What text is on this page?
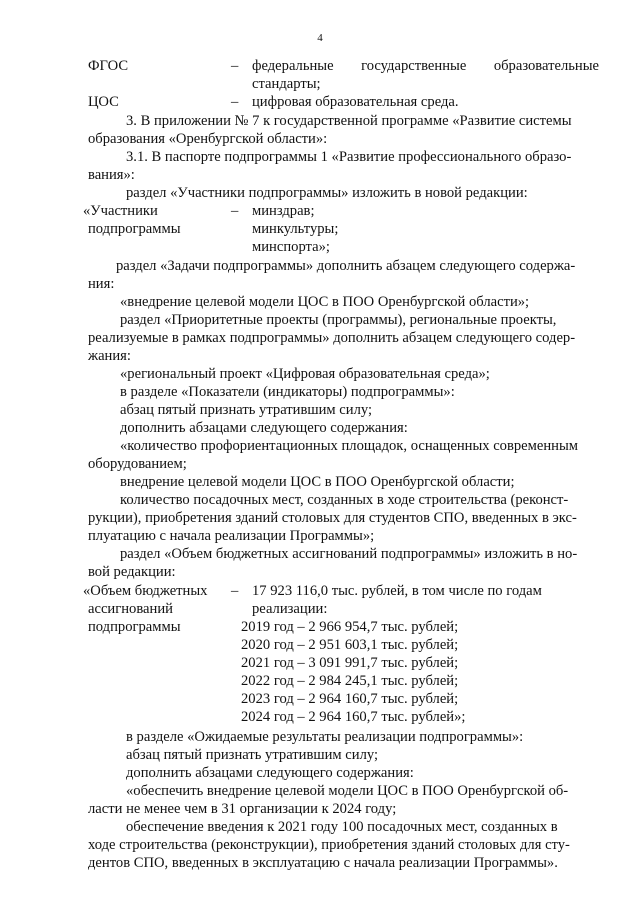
4
ФГОС	– федеральные государственные образовательные
стандарты;
ЦОС	– цифровая образовательная среда.
3. В приложении № 7 к государственной программе «Развитие системы
образования «Оренбургской области»:
3.1. В паспорте подпрограммы 1 «Развитие профессионального образо-
вания»:
раздел «Участники подпрограммы» изложить в новой редакции:
«Участники
подпрограммы
– минздрав;
минкультуры;
минспорта»;
раздел «Задачи подпрограммы» дополнить абзацем следующего содержа-
ния:
«внедрение целевой модели ЦОС в ПОО Оренбургской области»;
раздел «Приоритетные проекты (программы), региональные проекты,
реализуемые в рамках подпрограммы» дополнить абзацем следующего содер-
жания:
«региональный проект «Цифровая образовательная среда»;
в разделе «Показатели (индикаторы) подпрограммы»:
абзац пятый признать утратившим силу;
дополнить абзацами следующего содержания:
«количество профориентационных площадок, оснащенных современным
оборудованием;
внедрение целевой модели ЦОС в ПОО Оренбургской области;
количество посадочных мест, созданных в ходе строительства (реконст-
рукции), приобретения зданий столовых для студентов СПО, введенных в экс-
плуатацию с начала реализации Программы»;
раздел «Объем бюджетных ассигнований подпрограммы» изложить в но-
вой редакции:
«Объем бюджетных
ассигнований
подпрограммы
– 17 923 116,0 тыс. рублей, в том числе по годам
реализации:
2019 год – 2 966 954,7 тыс. рублей;
2020 год – 2 951 603,1 тыс. рублей;
2021 год – 3 091 991,7 тыс. рублей;
2022 год – 2 984 245,1 тыс. рублей;
2023 год – 2 964 160,7 тыс. рублей;
2024 год – 2 964 160,7 тыс. рублей»;
в разделе «Ожидаемые результаты реализации подпрограммы»:
абзац пятый признать утратившим силу;
дополнить абзацами следующего содержания:
«обеспечить внедрение целевой модели ЦОС в ПОО Оренбургской об-
ласти не менее чем в 31 организации к 2024 году;
обеспечение введения к 2021 году 100 посадочных мест, созданных в
ходе строительства (реконструкции), приобретения зданий столовых для сту-
дентов СПО, введенных в эксплуатацию с начала реализации Программы».
